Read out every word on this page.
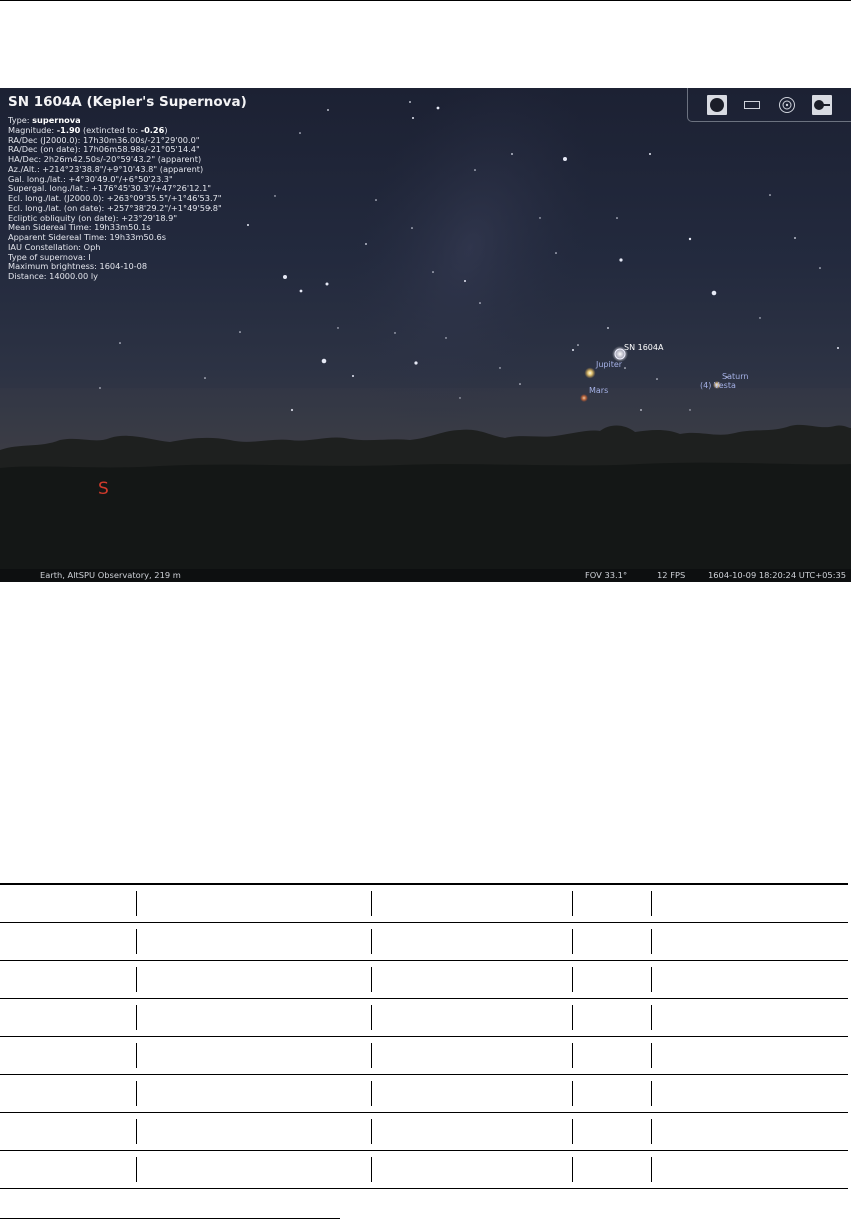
SN 1604A (Kepler's Supernova)
Type: supernova
Magnitude: -1.90 (extincted to: -0.26)
RA/Dec (J2000.0): 17h30m36.00s/-21°29'00.0"
RA/Dec (on date): 17h06m58.98s/-21°05'14.4"
HA/Dec: 2h26m42.50s/-20°59'43.2" (apparent)
Az./Alt.: +214°23'38.8"/+9°10'43.8" (apparent)
Gal. long./lat.: +4°30'49.0"/+6°50'23.3"
Supergal. long./lat.: +176°45'30.3"/+47°26'12.1"
Ecl. long./lat. (J2000.0): +263°09'35.5"/+1°46'53.7"
Ecl. long./lat. (on date): +257°38'29.2"/+1°49'59.8"
Ecliptic obliquity (on date): +23°29'18.9"
Mean Sidereal Time: 19h33m50.1s
Apparent Sidereal Time: 19h33m50.6s
IAU Constellation: Oph
Type of supernova: I
Maximum brightness: 1604-10-08
Distance: 14000.00 ly
SN 1604A
Jupiter
Mars
Saturn
(4) Vesta
S
Earth, AltSPU Observatory, 219 m	FOV 33.1°	12 FPS	1604-10-09 18:20:24 UTC+05:35
